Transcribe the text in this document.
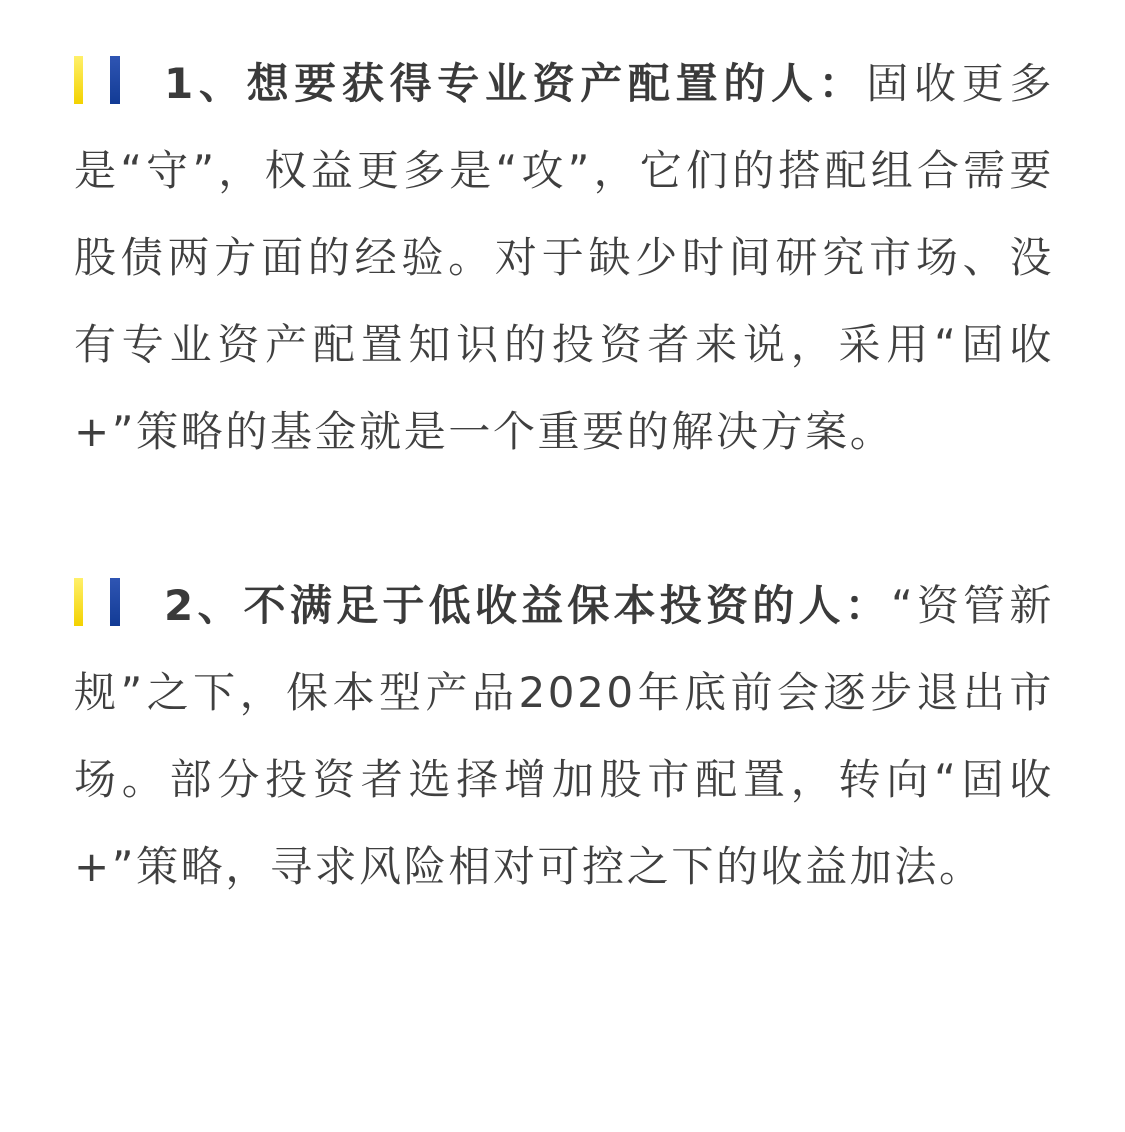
1、想要获得专业资产配置的人：固收更多是“守”，权益更多是“攻”，它们的搭配组合需要股债两方面的经验。对于缺少时间研究市场、没有专业资产配置知识的投资者来说，采用“固收+”策略的基金就是一个重要的解决方案。

2、不满足于低收益保本投资的人：“资管新规”之下，保本型产品2020年底前会逐步退出市场。部分投资者选择增加股市配置，转向“固收+”策略，寻求风险相对可控之下的收益加法。
